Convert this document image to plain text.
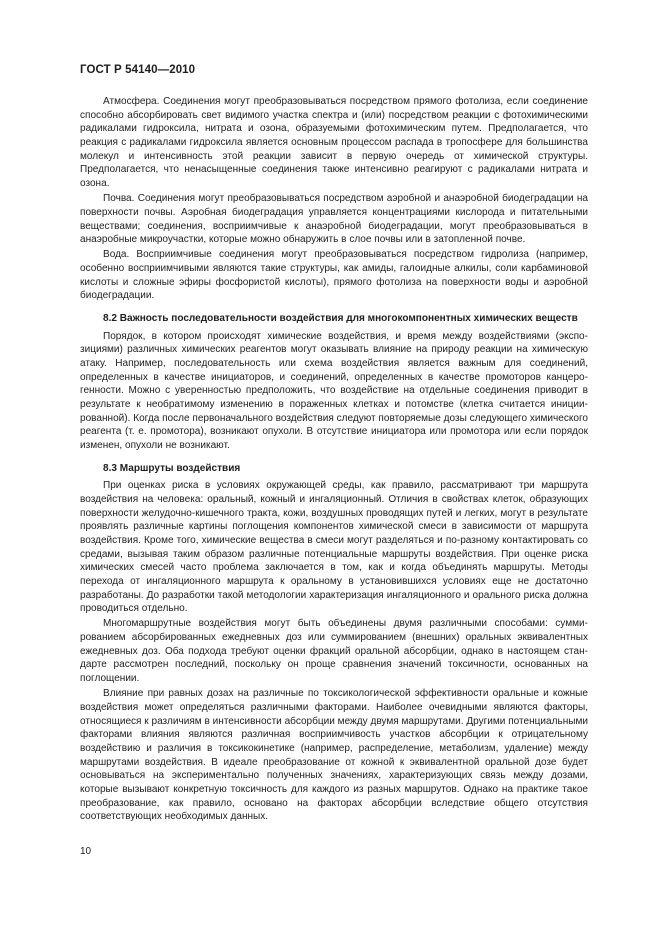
ГОСТ Р 54140—2010

Атмосфера. Соединения могут преобразовываться посредством прямого фотолиза, если соединение способно абсорбировать свет видимого участка спектра и (или) посредством реакции с фотохимическими радикалами гидроксила, нитрата и озона, образуемыми фотохимическим путем. Предполагается, что реакция с радикалами гидроксила является основным процессом распада в тропосфере для большинства молекул и интенсивность этой реакции зависит в первую очередь от химической структуры. Предполагается, что ненасыщенные соединения также интенсивно реагируют с радикалами нитрата и озона.

Почва. Соединения могут преобразовываться посредством аэробной и анаэробной биодеградации на поверхности почвы. Аэробная биодеградация управляется концентрациями кислорода и питательными веществами; соединения, восприимчивые к анаэробной биодеградации, могут преобразовываться в анаэробные микроучастки, которые можно обнаружить в слое почвы или в затопленной почве.

Вода. Восприимчивые соединения могут преобразовываться посредством гидролиза (например, особенно восприимчивыми являются такие структуры, как амиды, галоидные алкилы, соли карбаминовой кислоты и сложные эфиры фосфористой кислоты), прямого фотолиза на поверхности воды и аэробной биодеградации.

8.2 Важность последовательности воздействия для многокомпонентных химических веществ

Порядок, в котором происходят химические воздействия, и время между воздействиями (экспозициями) различных химических реагентов могут оказывать влияние на природу реакции на химическую атаку. Например, последовательность или схема воздействия является важным для соединений, определенных в качестве инициаторов, и соединений, определенных в качестве промоторов канцерогенности. Можно с уверенностью предположить, что воздействие на отдельные соединения приводит в результате к необратимому изменению в пораженных клетках и потомстве (клетка считается инициированной). Когда после первоначального воздействия следуют повторяемые дозы следующего химического реагента (т. е. промотора), возникают опухоли. В отсутствие инициатора или промотора или если порядок изменен, опухоли не возникают.

8.3 Маршруты воздействия

При оценках риска в условиях окружающей среды, как правило, рассматривают три маршрута воздействия на человека: оральный, кожный и ингаляционный. Отличия в свойствах клеток, образующих поверхности желудочно-кишечного тракта, кожи, воздушных проводящих путей и легких, могут в результате проявлять различные картины поглощения компонентов химической смеси в зависимости от маршрута воздействия. Кроме того, химические вещества в смеси могут разделяться и по-разному контактировать со средами, вызывая таким образом различные потенциальные маршруты воздействия. При оценке риска химических смесей часто проблема заключается в том, как и когда объединять маршруты. Методы перехода от ингаляционного маршрута к оральному в установившихся условиях еще не достаточно разработаны. До разработки такой методологии характеризация ингаляционного и орального риска должна проводиться отдельно.

Многомаршрутные воздействия могут быть объединены двумя различными способами: суммированием абсорбированных ежедневных доз или суммированием (внешних) оральных эквивалентных ежедневных доз. Оба подхода требуют оценки фракций оральной абсорбции, однако в настоящем стандарте рассмотрен последний, поскольку он проще сравнения значений токсичности, основанных на поглощении.

Влияние при равных дозах на различные по токсикологической эффективности оральные и кожные воздействия может определяться различными факторами. Наиболее очевидными являются факторы, относящиеся к различиям в интенсивности абсорбции между двумя маршрутами. Другими потенциальными факторами влияния являются различная восприимчивость участков абсорбции к отрицательному воздействию и различия в токсикокинетике (например, распределение, метаболизм, удаление) между маршрутами воздействия. В идеале преобразование от кожной к эквивалентной оральной дозе будет основываться на экспериментально полученных значениях, характеризующих связь между дозами, которые вызывают конкретную токсичность для каждого из разных маршрутов. Однако на практике такое преобразование, как правило, основано на факторах абсорбции вследствие общего отсутствия соответствующих необходимых данных.

10
